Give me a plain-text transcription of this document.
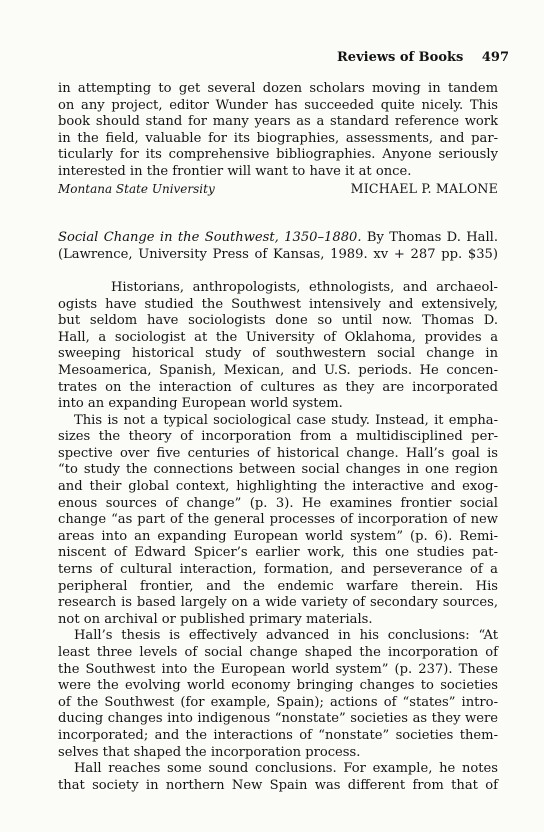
Reviews of Books 497
in attempting to get several dozen scholars moving in tandem
on any project, editor Wunder has succeeded quite nicely. This
book should stand for many years as a standard reference work
in the field, valuable for its biographies, assessments, and par-
ticularly for its comprehensive bibliographies. Anyone seriously
interested in the frontier will want to have it at once.
Montana State University	MICHAEL P. MALONE
Social Change in the Southwest, 1350–1880. By Thomas D. Hall.
(Lawrence, University Press of Kansas, 1989. xv + 287 pp. $35)
Historians, anthropologists, ethnologists, and archaeol-
ogists have studied the Southwest intensively and extensively,
but seldom have sociologists done so until now. Thomas D.
Hall, a sociologist at the University of Oklahoma, provides a
sweeping historical study of southwestern social change in
Mesoamerica, Spanish, Mexican, and U.S. periods. He concen-
trates on the interaction of cultures as they are incorporated
into an expanding European world system.
This is not a typical sociological case study. Instead, it empha-
sizes the theory of incorporation from a multidisciplined per-
spective over five centuries of historical change. Hall’s goal is
“to study the connections between social changes in one region
and their global context, highlighting the interactive and exog-
enous sources of change” (p. 3). He examines frontier social
change “as part of the general processes of incorporation of new
areas into an expanding European world system” (p. 6). Remi-
niscent of Edward Spicer’s earlier work, this one studies pat-
terns of cultural interaction, formation, and perseverance of a
peripheral frontier, and the endemic warfare therein. His
research is based largely on a wide variety of secondary sources,
not on archival or published primary materials.
Hall’s thesis is effectively advanced in his conclusions: “At
least three levels of social change shaped the incorporation of
the Southwest into the European world system” (p. 237). These
were the evolving world economy bringing changes to societies
of the Southwest (for example, Spain); actions of “states” intro-
ducing changes into indigenous “nonstate” societies as they were
incorporated; and the interactions of “nonstate” societies them-
selves that shaped the incorporation process.
Hall reaches some sound conclusions. For example, he notes
that society in northern New Spain was different from that of
